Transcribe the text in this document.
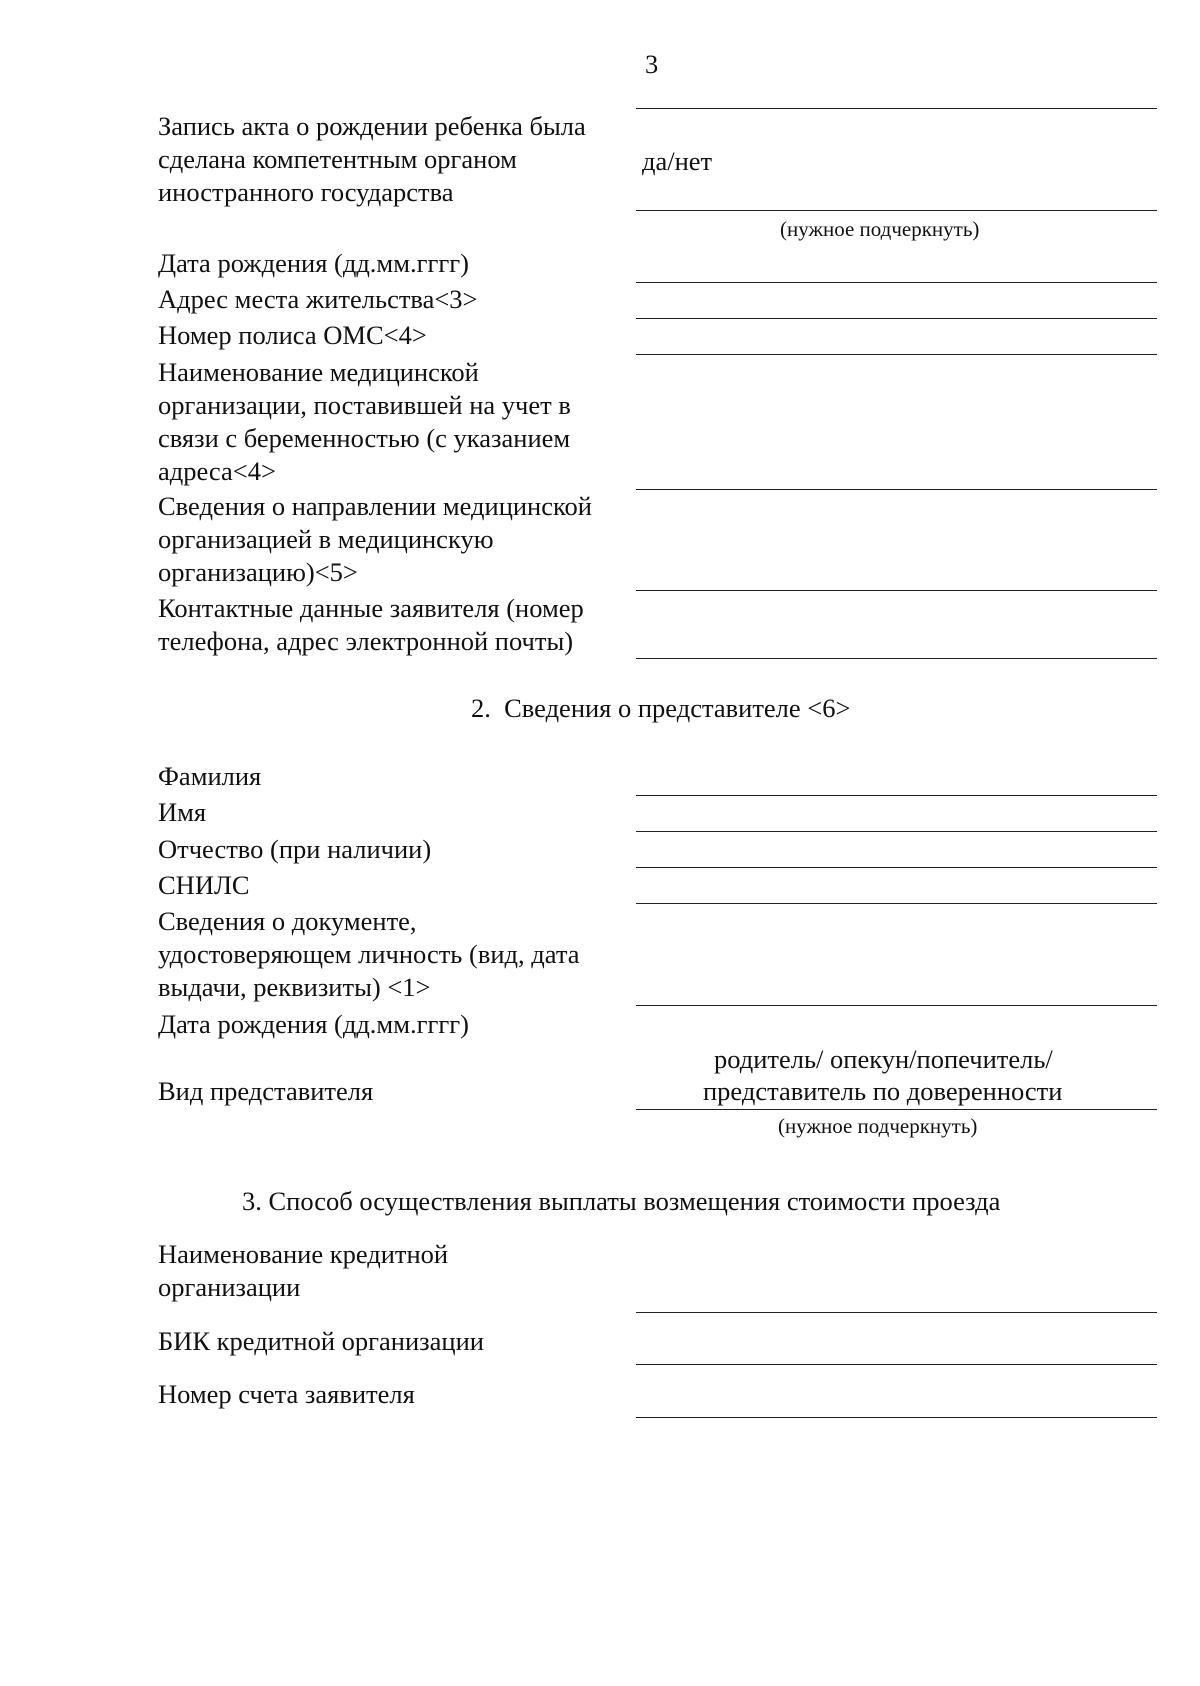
3
Запись акта о рождении ребенка была
сделана компетентным органом
иностранного государства
да/нет
(нужное подчеркнуть)
Дата рождения (дд.мм.гггг)
Адрес места жительства<3>
Номер полиса ОМС<4>
Наименование медицинской
организации, поставившей на учет в
связи с беременностью (с указанием
адреса<4>
Сведения о направлении медицинской
организацией в медицинскую
организацию)<5>
Контактные данные заявителя (номер
телефона, адрес электронной почты)
2.  Сведения о представителе <6>
Фамилия
Имя
Отчество (при наличии)
СНИЛС
Сведения о документе,
удостоверяющем личность (вид, дата
выдачи, реквизиты) <1>
Дата рождения (дд.мм.гггг)
родитель/ опекун/попечитель/
Вид представителя	представитель по доверенности
(нужное подчеркнуть)
3. Способ осуществления выплаты возмещения стоимости проезда
Наименование кредитной
организации
БИК кредитной организации
Номер счета заявителя
